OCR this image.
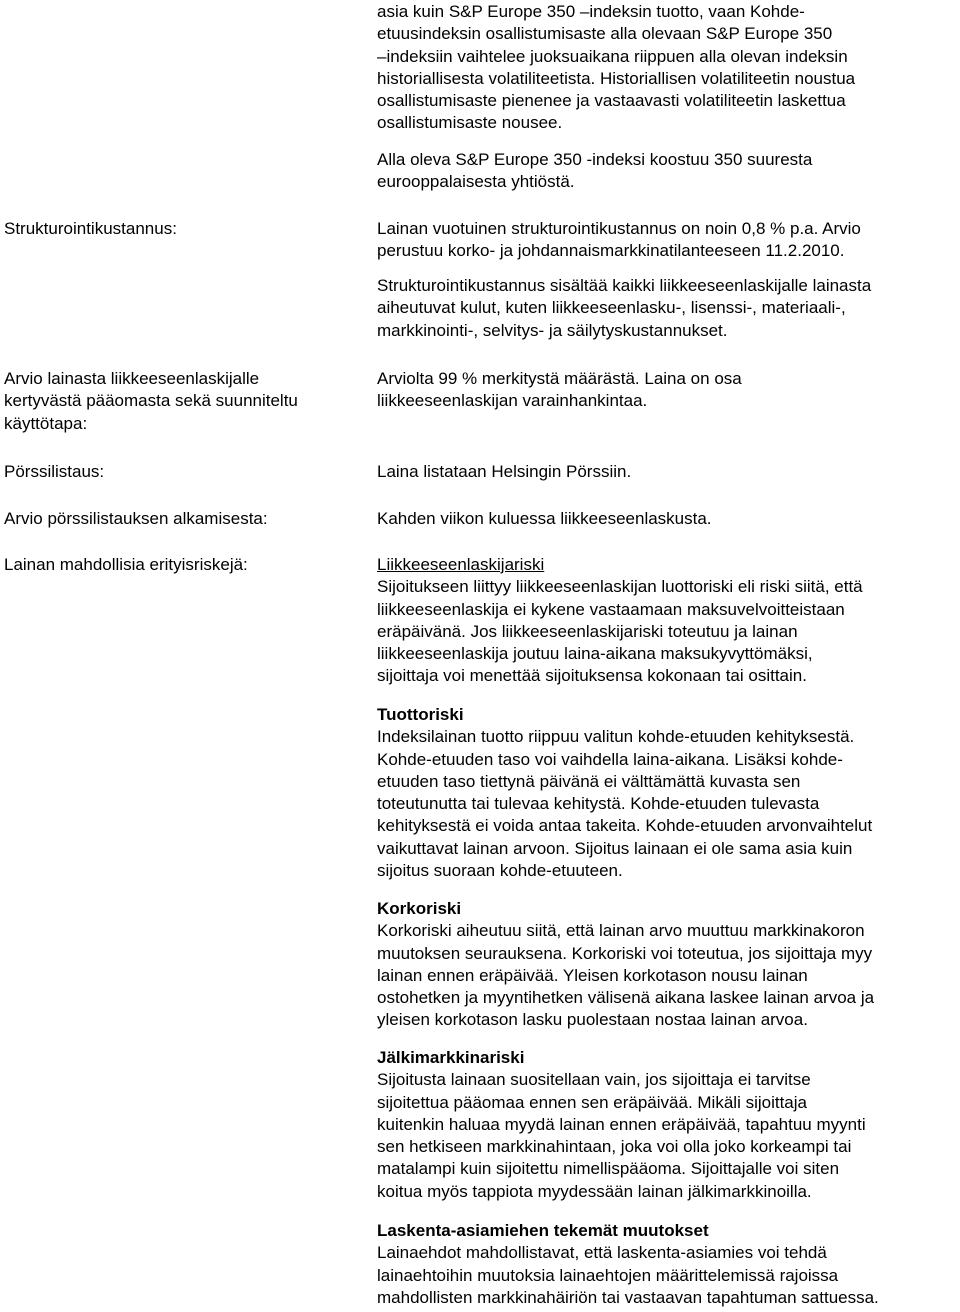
asia kuin S&P Europe 350 –indeksin tuotto, vaan Kohde-
etuusindeksin osallistumisaste alla olevaan S&P Europe 350
–indeksiin vaihtelee juoksuaikana riippuen alla olevan indeksin
historiallisesta volatiliteetista. Historiallisen volatiliteetin noustua
osallistumisaste pienenee ja vastaavasti volatiliteetin laskettua
osallistumisaste nousee.

Alla oleva S&P Europe 350 -indeksi koostuu 350 suuresta
eurooppalaisesta yhtiöstä.

Strukturointikustannus:	Lainan vuotuinen strukturointikustannus on noin 0,8 % p.a. Arvio
perustuu korko- ja johdannaismarkkinatilanteeseen 11.2.2010.

Strukturointikustannus sisältää kaikki liikkeeseenlaskijalle lainasta
aiheutuvat kulut, kuten liikkeeseenlasku-, lisenssi-, materiaali-,
markkinointi-, selvitys- ja säilytyskustannukset.

Arvio lainasta liikkeeseenlaskijalle
kertyvästä pääomasta sekä suunniteltu
käyttötapa:

Arviolta 99 % merkitystä määrästä. Laina on osa
liikkeeseenlaskijan varainhankintaa.

Pörssilistaus:	Laina listataan Helsingin Pörssiin.

Arvio pörssilistauksen alkamisesta:	Kahden viikon kuluessa liikkeeseenlaskusta.

Lainan mahdollisia erityisriskejä:	Liikkeeseenlaskijariski

Sijoitukseen liittyy liikkeeseenlaskijan luottoriski eli riski siitä, että
liikkeeseenlaskija ei kykene vastaamaan maksuvelvoitteistaan
eräpäivänä. Jos liikkeeseenlaskijariski toteutuu ja lainan
liikkeeseenlaskija joutuu laina-aikana maksukyvyttömäksi,
sijoittaja voi menettää sijoituksensa kokonaan tai osittain.

Tuottoriski

Indeksilainan tuotto riippuu valitun kohde-etuuden kehityksestä.
Kohde-etuuden taso voi vaihdella laina-aikana. Lisäksi kohde-
etuuden taso tiettynä päivänä ei välttämättä kuvasta sen
toteutunutta tai tulevaa kehitystä. Kohde-etuuden tulevasta
kehityksestä ei voida antaa takeita. Kohde-etuuden arvonvaihtelut
vaikuttavat lainan arvoon. Sijoitus lainaan ei ole sama asia kuin
sijoitus suoraan kohde-etuuteen.

Korkoriski

Korkoriski aiheutuu siitä, että lainan arvo muuttuu markkinakoron
muutoksen seurauksena. Korkoriski voi toteutua, jos sijoittaja myy
lainan ennen eräpäivää. Yleisen korkotason nousu lainan
ostohetken ja myyntihetken välisenä aikana laskee lainan arvoa ja
yleisen korkotason lasku puolestaan nostaa lainan arvoa.

Jälkimarkkinariski

Sijoitusta lainaan suositellaan vain, jos sijoittaja ei tarvitse
sijoitettua pääomaa ennen sen eräpäivää. Mikäli sijoittaja
kuitenkin haluaa myydä lainan ennen eräpäivää, tapahtuu myynti
sen hetkiseen markkinahintaan, joka voi olla joko korkeampi tai
matalampi kuin sijoitettu nimellispääoma. Sijoittajalle voi siten
koitua myös tappiota myydessään lainan jälkimarkkinoilla.

Laskenta-asiamiehen tekemät muutokset

Lainaehdot mahdollistavat, että laskenta-asiamies voi tehdä
lainaehtoihin muutoksia lainaehtojen määrittelemissä rajoissa
mahdollisten markkinahäiriön tai vastaavan tapahtuman sattuessa.
